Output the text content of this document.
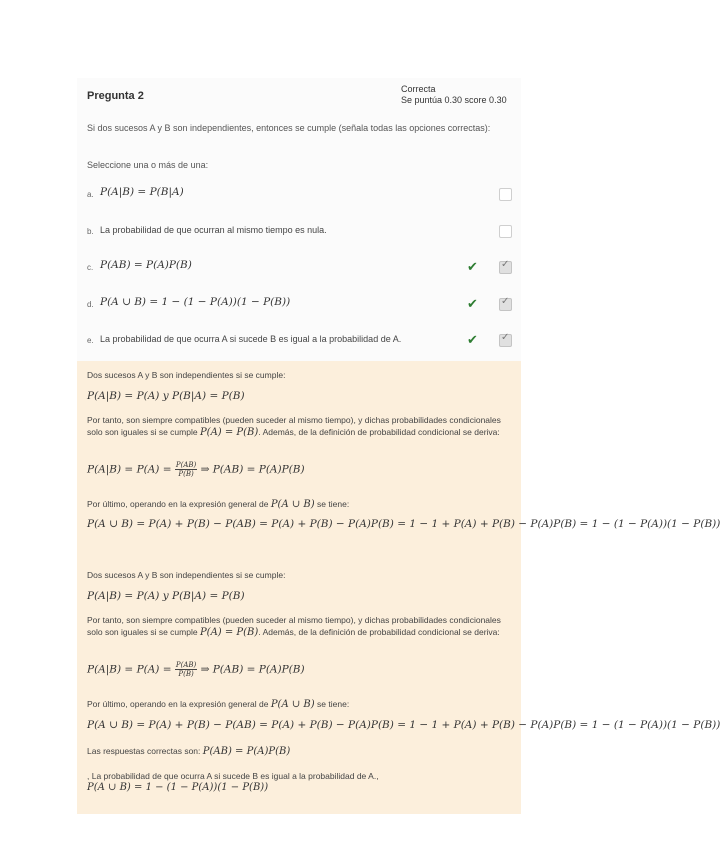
Pregunta 2
Correcta
Se puntúa 0.30 score 0.30
Si dos sucesos A y B son independientes, entonces se cumple (señala todas las opciones correctas):
Seleccione una o más de una:
a. P(A|B) = P(B|A)
b. La probabilidad de que ocurran al mismo tiempo es nula.
c. P(AB) = P(A)P(B)	✔
✓
d. P(A ∪ B) = 1 − (1 − P(A))(1 − P(B))	✔
✓
e. La probabilidad de que ocurra A si sucede B es igual a la probabilidad de A.	✔
✓
Dos sucesos A y B son independientes si se cumple:
P(A|B) = P(A) y P(B|A) = P(B)
Por tanto, son siempre compatibles (pueden suceder al mismo tiempo), y dichas probabilidades condicionales solo son iguales si se cumple P(A) = P(B). Además, de la definición de probabilidad condicional se deriva:
$P(A|B) = P(A) = \frac{P(AB)}{P(B)}$ ⇒ P(AB) = P(A)P(B)
Por último, operando en la expresión general de P(A ∪ B) se tiene:
P(A ∪ B) = P(A) + P(B) − P(AB) = P(A) + P(B) − P(A)P(B) = 1 − 1 + P(A) + P(B) − P(A)P(B) = 1 − (1 − P(A))(1 − P(B))
Dos sucesos A y B son independientes si se cumple:
P(A|B) = P(A) y P(B|A) = P(B)
Por tanto, son siempre compatibles (pueden suceder al mismo tiempo), y dichas probabilidades condicionales solo son iguales si se cumple P(A) = P(B). Además, de la definición de probabilidad condicional se deriva:
$P(A|B) = P(A) = \frac{P(AB)}{P(B)}$ ⇒ P(AB) = P(A)P(B)
Por último, operando en la expresión general de P(A ∪ B) se tiene:
P(A ∪ B) = P(A) + P(B) − P(AB) = P(A) + P(B) − P(A)P(B) = 1 − 1 + P(A) + P(B) − P(A)P(B) = 1 − (1 − P(A))(1 − P(B))
Las respuestas correctas son: P(AB) = P(A)P(B)
, La probabilidad de que ocurra A si sucede B es igual a la probabilidad de A.,
P(A ∪ B) = 1 − (1 − P(A))(1 − P(B))
